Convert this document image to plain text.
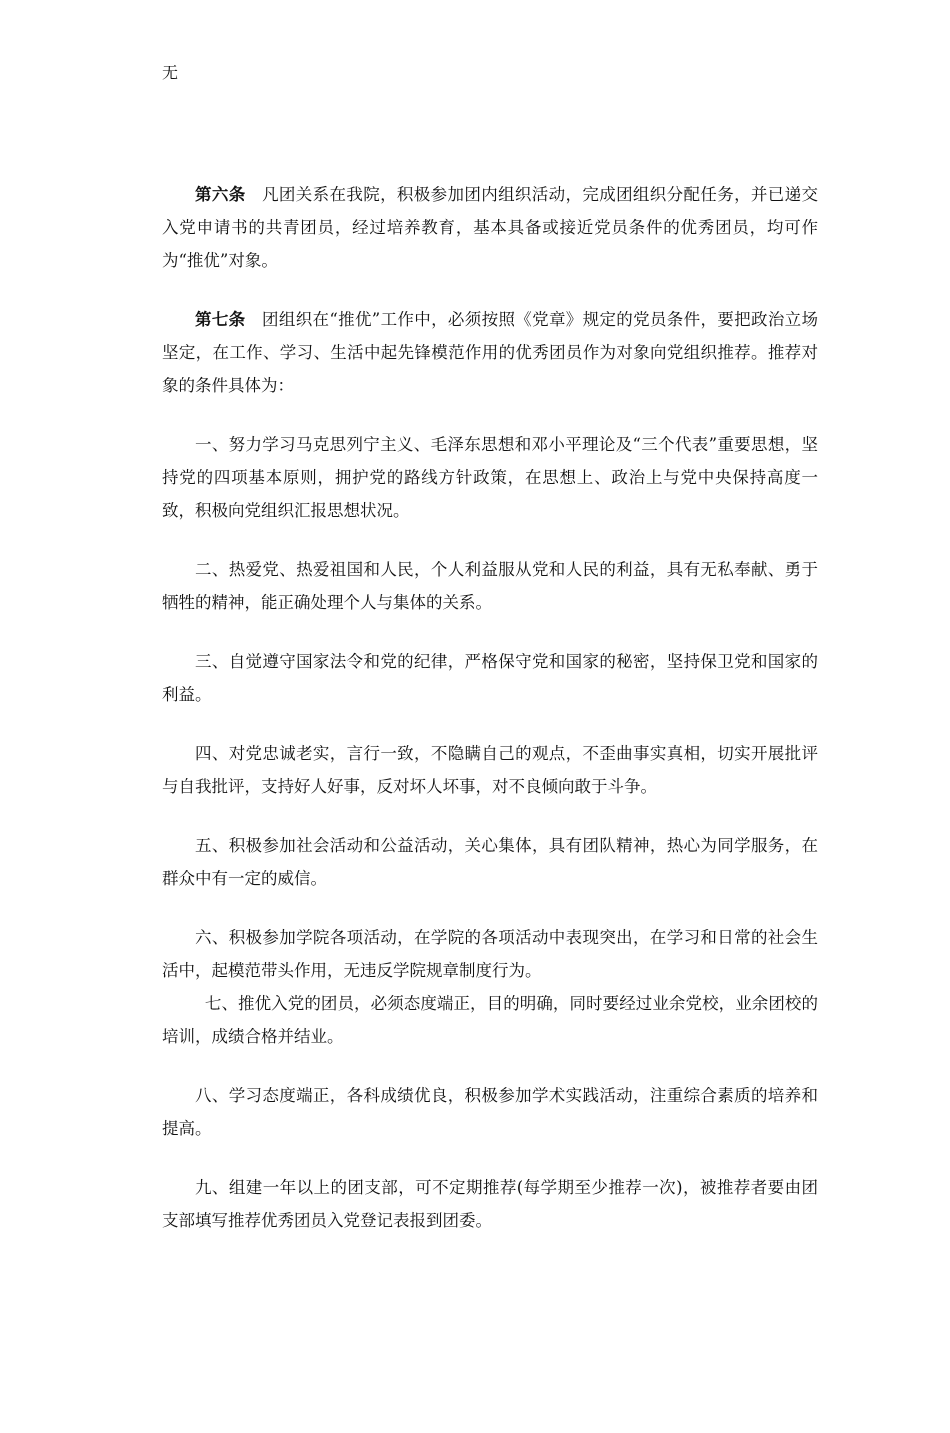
无

第六条 凡团关系在我院，积极参加团内组织活动，完成团组织分配任务，并已递交入党申请书的共青团员，经过培养教育，基本具备或接近党员条件的优秀团员，均可作为“推优”对象。

第七条 团组织在“推优”工作中，必须按照《党章》规定的党员条件，要把政治立场坚定，在工作、学习、生活中起先锋模范作用的优秀团员作为对象向党组织推荐。推荐对象的条件具体为：

一、努力学习马克思列宁主义、毛泽东思想和邓小平理论及“三个代表”重要思想，坚持党的四项基本原则，拥护党的路线方针政策，在思想上、政治上与党中央保持高度一致，积极向党组织汇报思想状况。

二、热爱党、热爱祖国和人民，个人利益服从党和人民的利益，具有无私奉献、勇于牺牲的精神，能正确处理个人与集体的关系。

三、自觉遵守国家法令和党的纪律，严格保守党和国家的秘密，坚持保卫党和国家的利益。

四、对党忠诚老实，言行一致，不隐瞒自己的观点，不歪曲事实真相，切实开展批评与自我批评，支持好人好事，反对坏人坏事，对不良倾向敢于斗争。

五、积极参加社会活动和公益活动，关心集体，具有团队精神，热心为同学服务，在群众中有一定的威信。

六、积极参加学院各项活动，在学院的各项活动中表现突出，在学习和日常的社会生活中，起模范带头作用，无违反学院规章制度行为。

七、推优入党的团员，必须态度端正，目的明确，同时要经过业余党校，业余团校的培训，成绩合格并结业。

八、学习态度端正，各科成绩优良，积极参加学术实践活动，注重综合素质的培养和提高。

九、组建一年以上的团支部，可不定期推荐(每学期至少推荐一次)，被推荐者要由团支部填写推荐优秀团员入党登记表报到团委。
